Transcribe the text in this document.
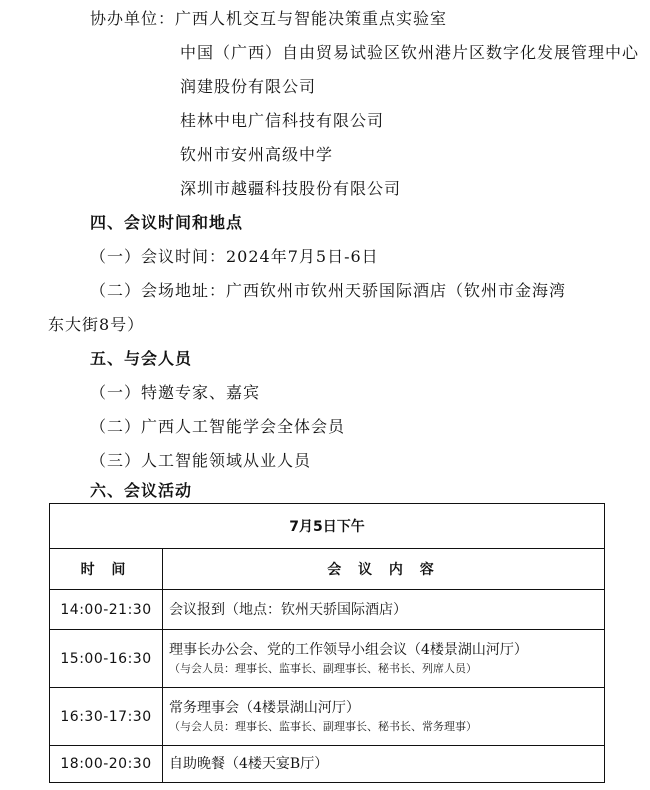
协办单位：广西人机交互与智能决策重点实验室
中国（广西）自由贸易试验区钦州港片区数字化发展管理中心
润建股份有限公司
桂林中电广信科技有限公司
钦州市安州高级中学
深圳市越疆科技股份有限公司
四、会议时间和地点
（一）会议时间：2024年7月5日-6日
（二）会场地址：广西钦州市钦州天骄国际酒店（钦州市金海湾
东大街8号）
五、与会人员
（一）特邀专家、嘉宾
（二）广西人工智能学会全体会员
（三）人工智能领域从业人员
六、会议活动
7月5日下午	
时 间	会 议 内 容
14:00-21:30	会议报到（地点：钦州天骄国际酒店）

15:00-16:30	理事长办公会、党的工作领导小组会议（4楼景湖山河厅）
（与会人员：理事长、监事长、副理事长、秘书长、列席人员）

16:30-17:30	常务理事会（4楼景湖山河厅）
（与会人员：理事长、监事长、副理事长、秘书长、常务理事）

18:00-20:30	自助晚餐（4楼天宴B厅）
